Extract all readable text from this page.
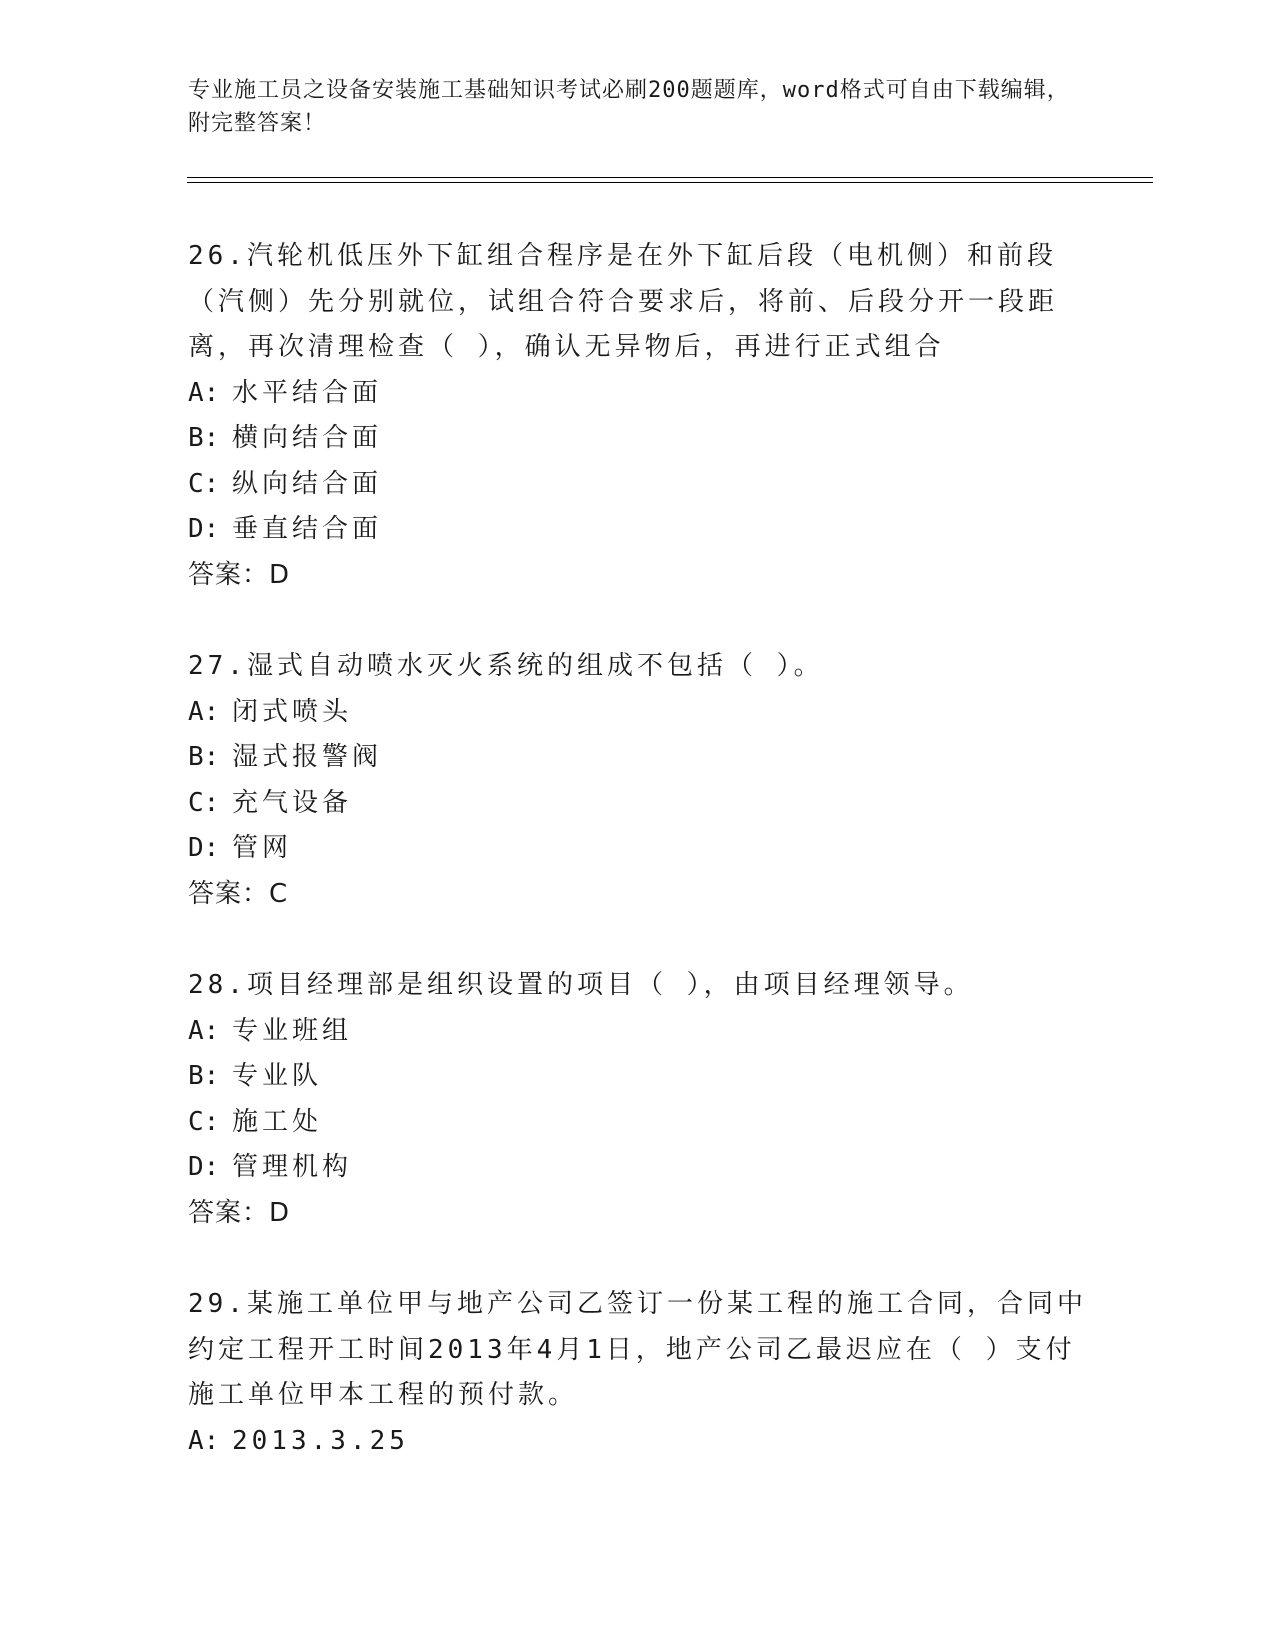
专业施工员之设备安装施工基础知识考试必刷200题题库，word格式可自由下载编辑，附完整答案！
26.汽轮机低压外下缸组合程序是在外下缸后段（电机侧）和前段（汽侧）先分别就位，试组合符合要求后，将前、后段分开一段距离，再次清理检查（ ），确认无异物后，再进行正式组合
A: 水平结合面
B: 横向结合面
C: 纵向结合面
D: 垂直结合面
答案：D
27.湿式自动喷水灭火系统的组成不包括（ ）。
A: 闭式喷头
B: 湿式报警阀
C: 充气设备
D: 管网
答案：C
28.项目经理部是组织设置的项目（ ），由项目经理领导。
A: 专业班组
B: 专业队
C: 施工处
D: 管理机构
答案：D
29.某施工单位甲与地产公司乙签订一份某工程的施工合同，合同中约定工程开工时间2013年4月1日，地产公司乙最迟应在（ ）支付施工单位甲本工程的预付款。
A: 2013.3.25
